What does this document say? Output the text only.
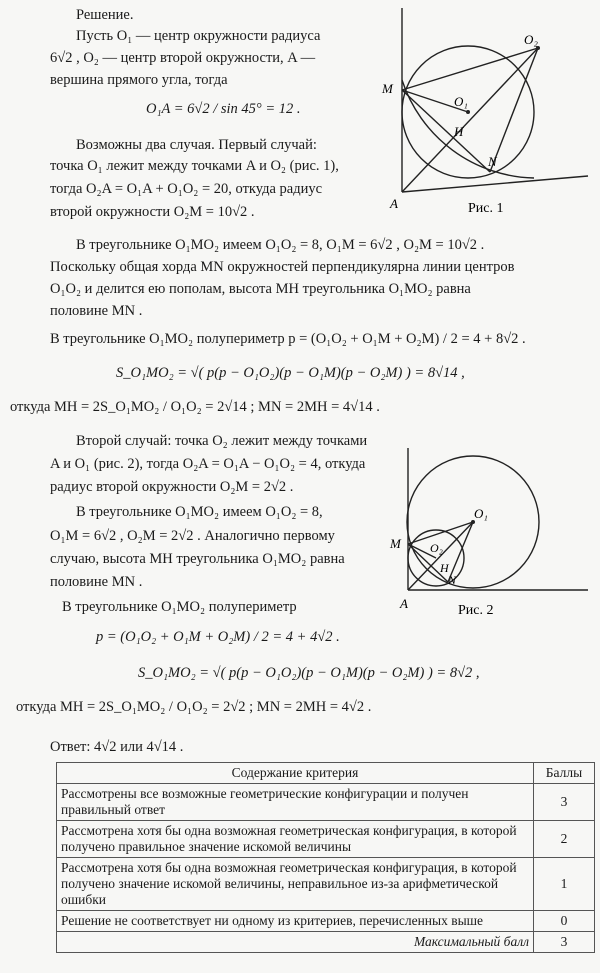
Решение.
Пусть O₁ — центр окружности радиуса
6√2 , O₂ — центр второй окружности, A —
вершина прямого угла, тогда
O₁A = 6√2 / sin 45° = 12 .
Возможны два случая. Первый случай:
точка O₁ лежит между точками A и O₂ (рис. 1),
тогда O₂A = O₁A + O₁O₂ = 20, откуда радиус
второй окружности O₂M = 10√2 .
В треугольнике O₁MO₂ имеем O₁O₂ = 8, O₁M = 6√2 , O₂M = 10√2 .
Поскольку общая хорда MN окружностей перпендикулярна линии центров
O₁O₂ и делится ею пополам, высота MH треугольника O₁MO₂ равна
половине MN .
В треугольнике O₁MO₂ полупериметр p = (O₁O₂ + O₁M + O₂M) / 2 = 4 + 8√2 .
S_O₁MO₂ = √( p(p − O₁O₂)(p − O₁M)(p − O₂M) ) = 8√14 ,
откуда MH = 2S_O₁MO₂ / O₁O₂ = 2√14 ; MN = 2MH = 4√14 .
Второй случай: точка O₂ лежит между точками
A и O₁ (рис. 2), тогда O₂A = O₁A − O₁O₂ = 4, откуда
радиус второй окружности O₂M = 2√2 .
В треугольнике O₁MO₂ имеем O₁O₂ = 8,
O₁M = 6√2 , O₂M = 2√2 . Аналогично первому
случаю, высота MH треугольника O₁MO₂ равна
половине MN .
В треугольнике O₁MO₂ полупериметр
p = (O₁O₂ + O₁M + O₂M) / 2 = 4 + 4√2 .
S_O₁MO₂ = √( p(p − O₁O₂)(p − O₁M)(p − O₂M) ) = 8√2 ,
откуда MH = 2S_O₁MO₂ / O₁O₂ = 2√2 ; MN = 2MH = 4√2 .
Ответ: 4√2 или 4√14 .
O₂
O₁
M
H
N
A	Рис. 1
O₁
O₂
M
H
N
A	Рис. 2
Содержание критерия	Баллы
Рассмотрены все возможные геометрические конфигурации и получен правильный ответ	3
Рассмотрена хотя бы одна возможная геометрическая конфигурация, в которой получено правильное значение искомой величины	2
Рассмотрена хотя бы одна возможная геометрическая конфигурация, в которой получено значение искомой величины, неправильное из-за арифметической ошибки	1
Решение не соответствует ни одному из критериев, перечисленных выше	0
Максимальный балл	3
